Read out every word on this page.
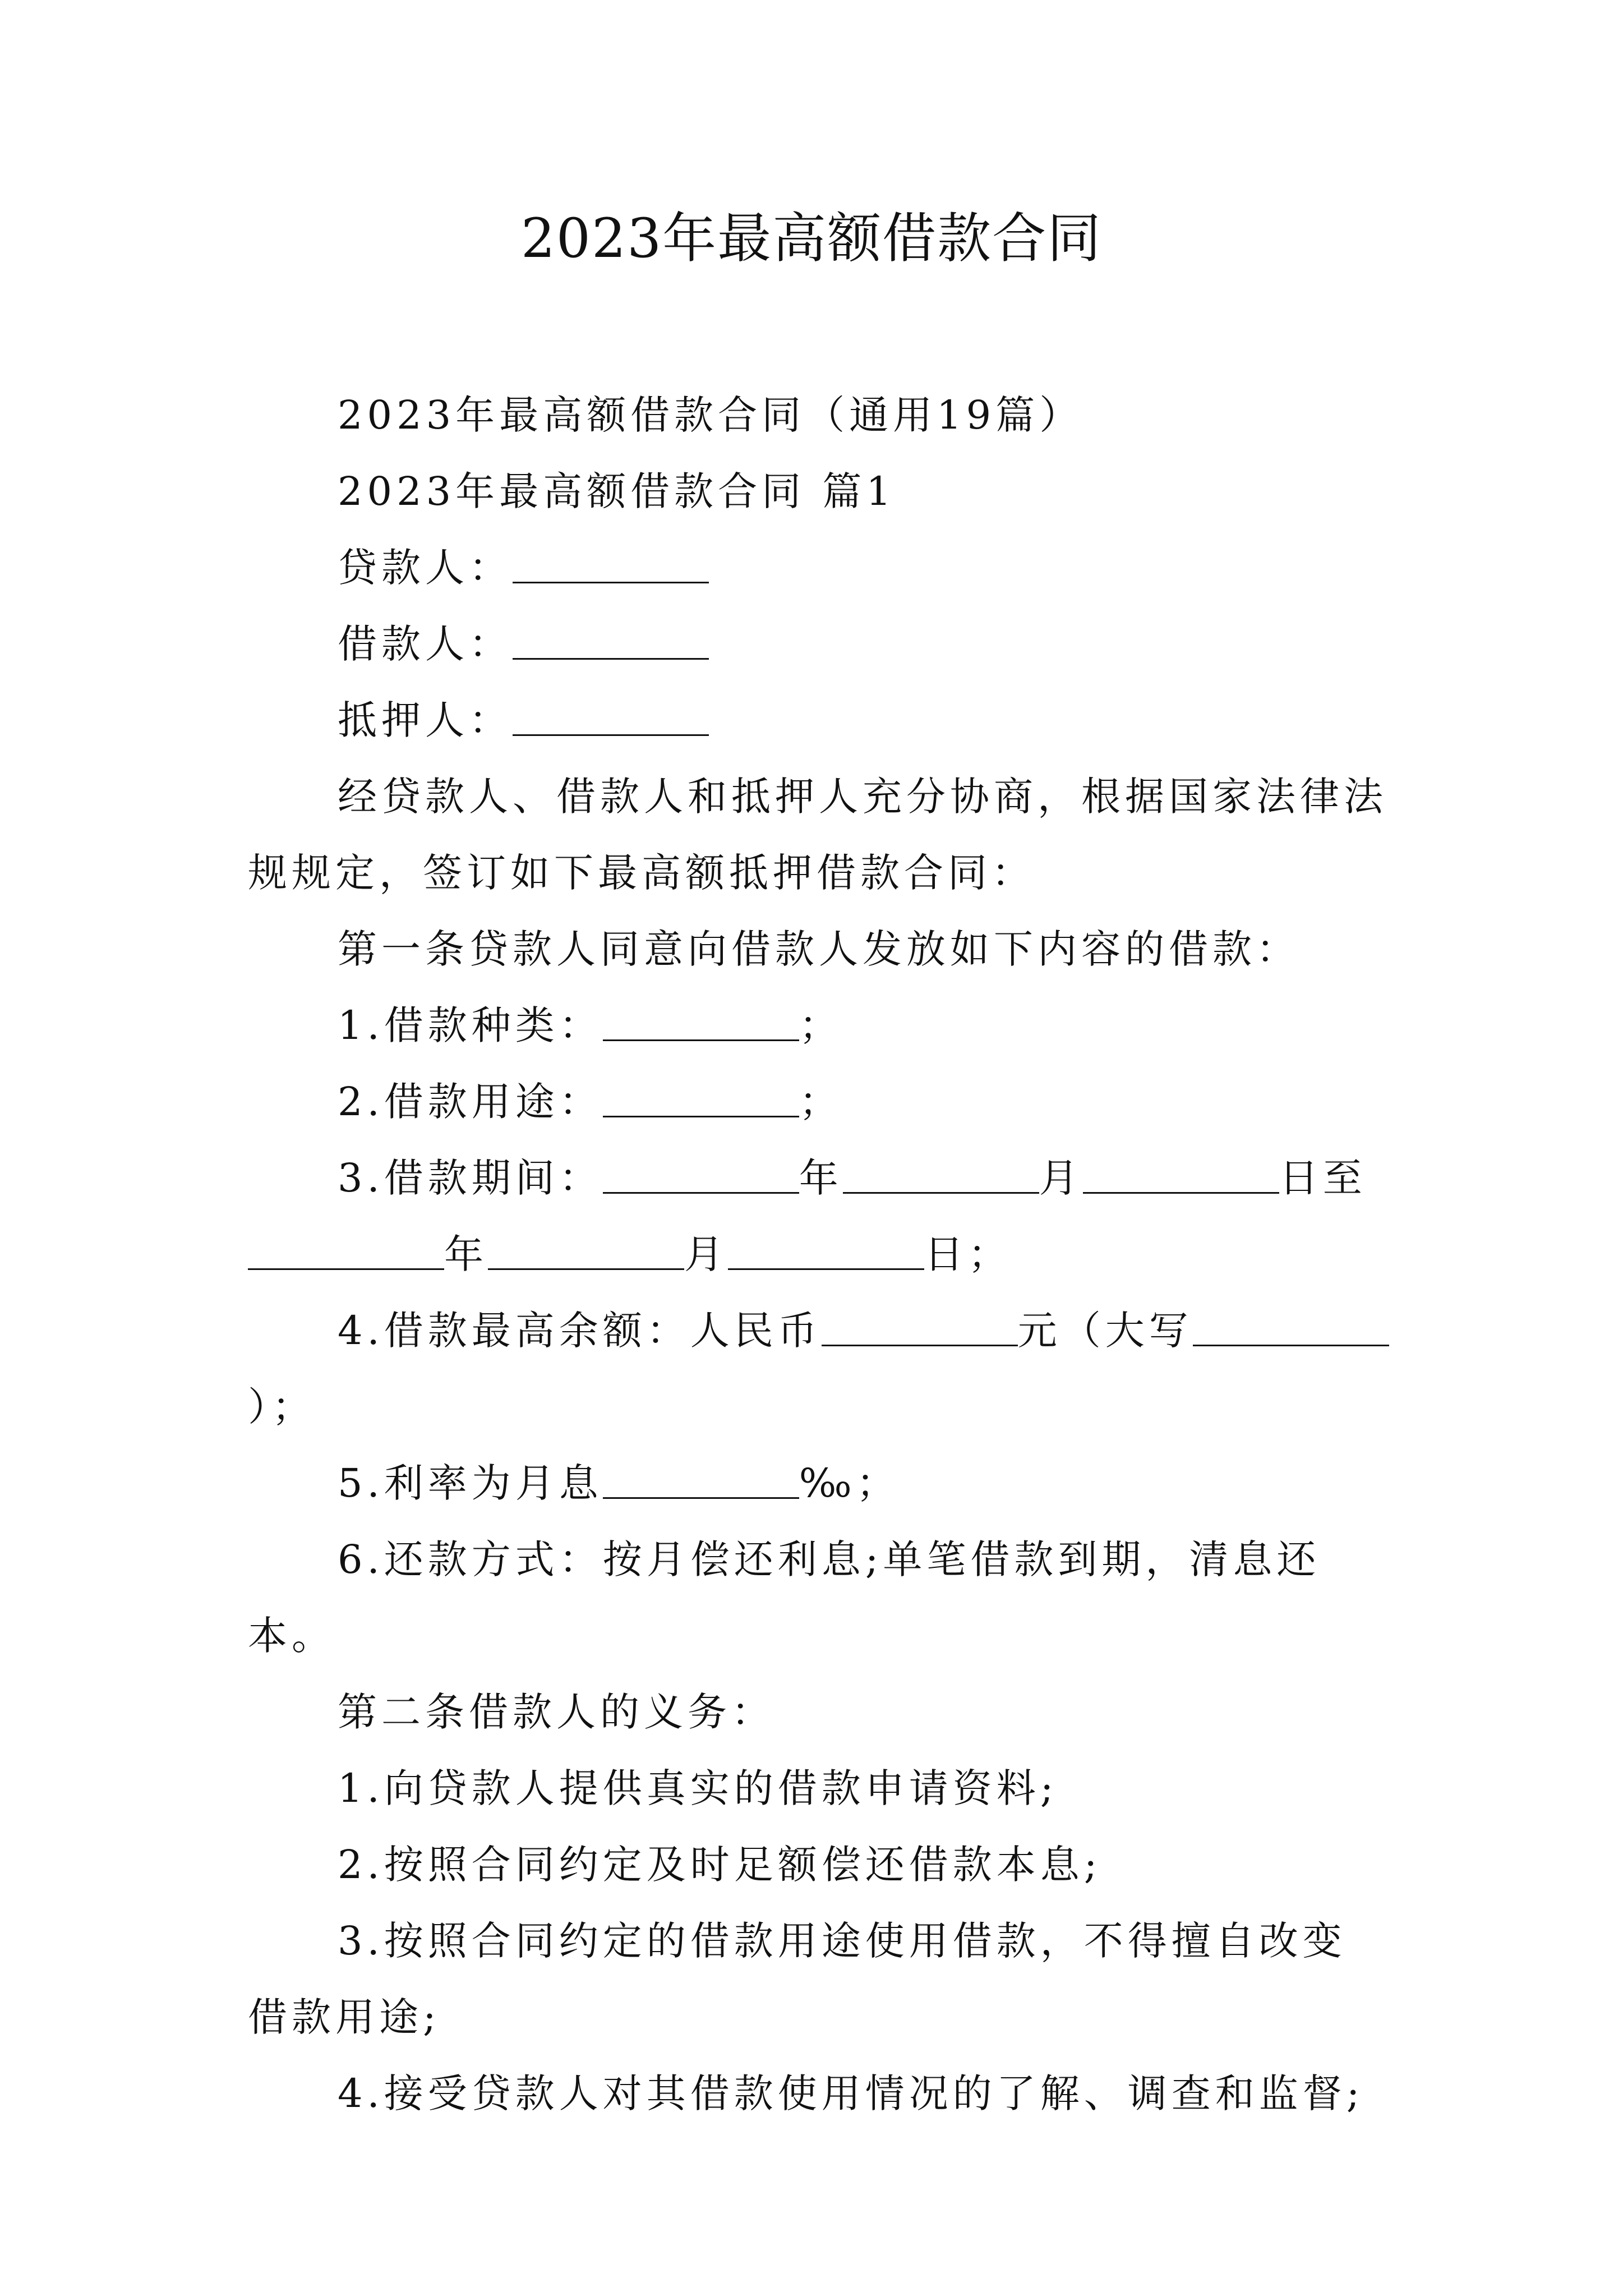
2023年最高额借款合同

2023年最高额借款合同（通用19篇）

2023年最高额借款合同 篇1

贷款人：

借款人：

抵押人：

经贷款人、借款人和抵押人充分协商，根据国家法律法规规定，签订如下最高额抵押借款合同：

第一条贷款人同意向借款人发放如下内容的借款：

1.借款种类：	；

2.借款用途：	；

3.借款期间：	年	月	日至年	月	日；

4.借款最高余额：人民币	元（大写）；

5.利率为月息	‰；

6.还款方式：按月偿还利息;单笔借款到期，清息还本。

第二条借款人的义务：

1.向贷款人提供真实的借款申请资料;

2.按照合同约定及时足额偿还借款本息;

3.按照合同约定的借款用途使用借款，不得擅自改变借款用途;

4.接受贷款人对其借款使用情况的了解、调查和监督;
